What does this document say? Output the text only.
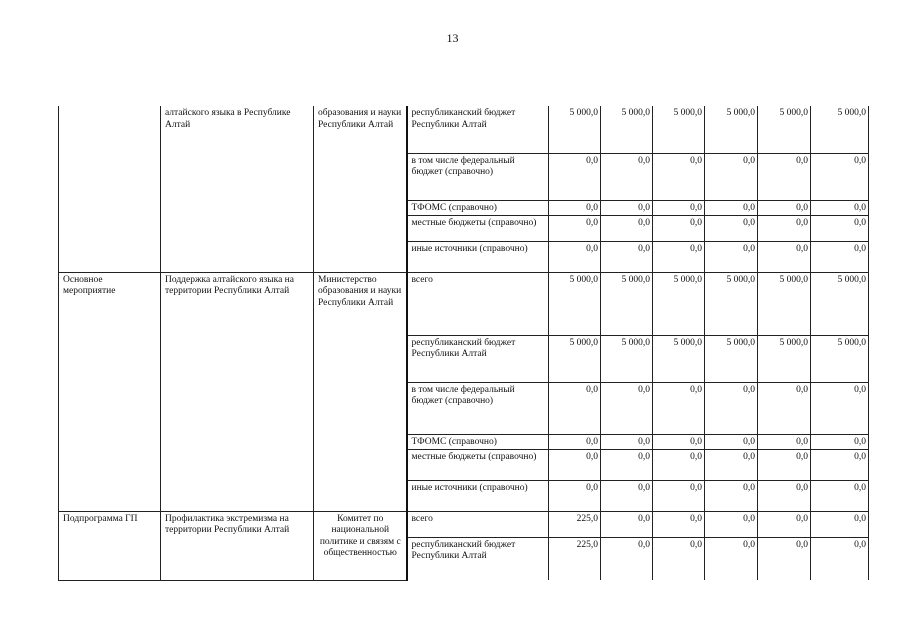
13
	алтайского языка в Республике Алтай	образования и науки Республики Алтай	республиканский бюджет Республики Алтай	5 000,0	5 000,0	5 000,0	5 000,0	5 000,0	5 000,0
			в том числе федеральный бюджет (справочно)	0,0	0,0	0,0	0,0	0,0	0,0
			ТФОМС (справочно)	0,0	0,0	0,0	0,0	0,0	0,0
			местные бюджеты (справочно)	0,0	0,0	0,0	0,0	0,0	0,0
			иные источники (справочно)	0,0	0,0	0,0	0,0	0,0	0,0
Основное мероприятие	Поддержка алтайского языка на территории Республики Алтай	Министерство образования и науки Республики Алтай	всего	5 000,0	5 000,0	5 000,0	5 000,0	5 000,0	5 000,0
			республиканский бюджет Республики Алтай	5 000,0	5 000,0	5 000,0	5 000,0	5 000,0	5 000,0
			в том числе федеральный бюджет (справочно)	0,0	0,0	0,0	0,0	0,0	0,0
			ТФОМС (справочно)	0,0	0,0	0,0	0,0	0,0	0,0
			местные бюджеты (справочно)	0,0	0,0	0,0	0,0	0,0	0,0
			иные источники (справочно)	0,0	0,0	0,0	0,0	0,0	0,0
Подпрограмма ГП	Профилактика экстремизма на территории Республики Алтай	Комитет по национальной политике и связям с общественностью	всего	225,0	0,0	0,0	0,0	0,0	0,0
			республиканский бюджет Республики Алтай	225,0	0,0	0,0	0,0	0,0	0,0
